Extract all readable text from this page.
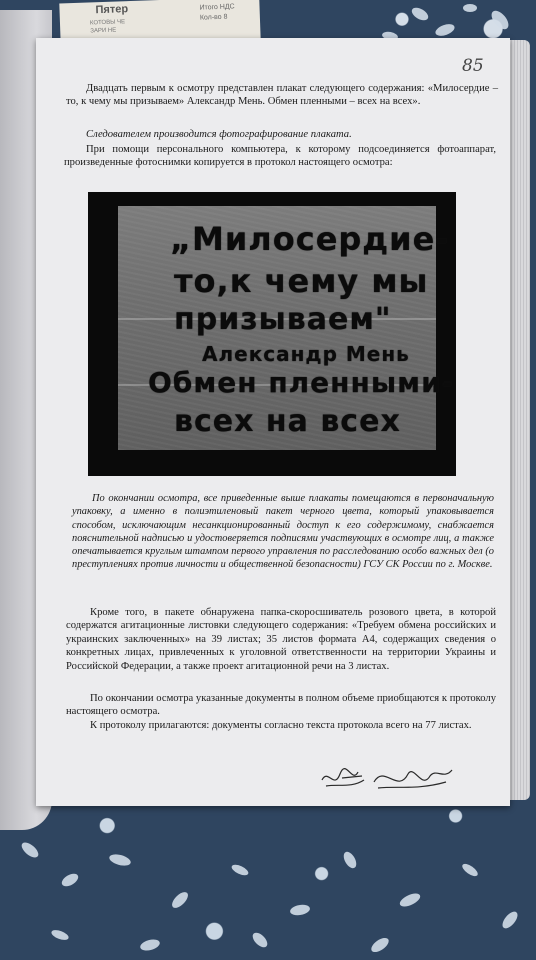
Пятер
КОТОВЫ ЧЕ
ЗАРИ НЕ
Итого НДС
Кол-во 8
85
Двадцать первым к осмотру представлен плакат следующего содержания: «Милосердие – то, к чему мы призываем» Александр Мень. Обмен пленными – всех на всех».
Следователем производится фотографирование плаката.
При помощи персонального компьютера, к которому подсоединяется фотоаппарат, произведенные фотоснимки копируется в протокол настоящего осмотра:
„Милосердие-
то,к чему мы
призываем"
Александр Мень
Обмен пленными-
всех на всех
По окончании осмотра, все приведенные выше плакаты помещаются в первоначальную упаковку, а именно в полиэтиленовый пакет черного цвета, который упаковывается способом, исключающим несанкционированный доступ к его содержимому, снабжается пояснительной надписью и удостоверяется подписями участвующих в осмотре лиц, а также опечатывается круглым штампом первого управления по расследованию особо важных дел (о преступлениях против личности и общественной безопасности) ГСУ СК России по г. Москве.
Кроме того, в пакете обнаружена папка-скоросшиватель розового цвета, в которой содержатся агитационные листовки следующего содержания: «Требуем обмена российских и украинских заключенных» на 39 листах; 35 листов формата А4, содержащих сведения о конкретных лицах, привлеченных к уголовной ответственности на территории Украины и Российской Федерации, а также проект агитационной речи на 3 листах.
По окончании осмотра указанные документы в полном объеме приобщаются к протоколу настоящего осмотра.
К протоколу прилагаются: документы согласно текста протокола всего на 77 листах.
